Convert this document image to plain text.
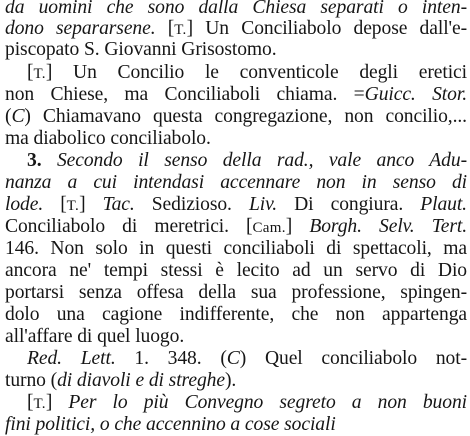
da uomini che sono dalla Chiesa separati o inten-
dono separarsene. [T.] Un Conciliabolo depose dall'e-
piscopato S. Giovanni Grisostomo.
[T.] Un Concilio le conventicole degli eretici
non Chiese, ma Conciliaboli chiama. =Guicc. Stor.
(C) Chiamavano questa congregazione, non concilio,...
ma diabolico conciliabolo.
3. Secondo il senso della rad., vale anco Adu-
nanza a cui intendasi accennare non in senso di
lode. [T.] Tac. Sedizioso. Liv. Di congiura. Plaut.
Conciliabolo di meretrici. [Cam.] Borgh. Selv. Tert.
146. Non solo in questi conciliaboli di spettacoli, ma
ancora ne' tempi stessi è lecito ad un servo di Dio
portarsi senza offesa della sua professione, spingen-
dolo una cagione indifferente, che non appartenga
all'affare di quel luogo.
Red. Lett. 1. 348. (C) Quel conciliabolo not-
turno (di diavoli e di streghe).
[T.] Per lo più Convegno segreto a non buoni
fini politici, o che accennino a cose sociali
